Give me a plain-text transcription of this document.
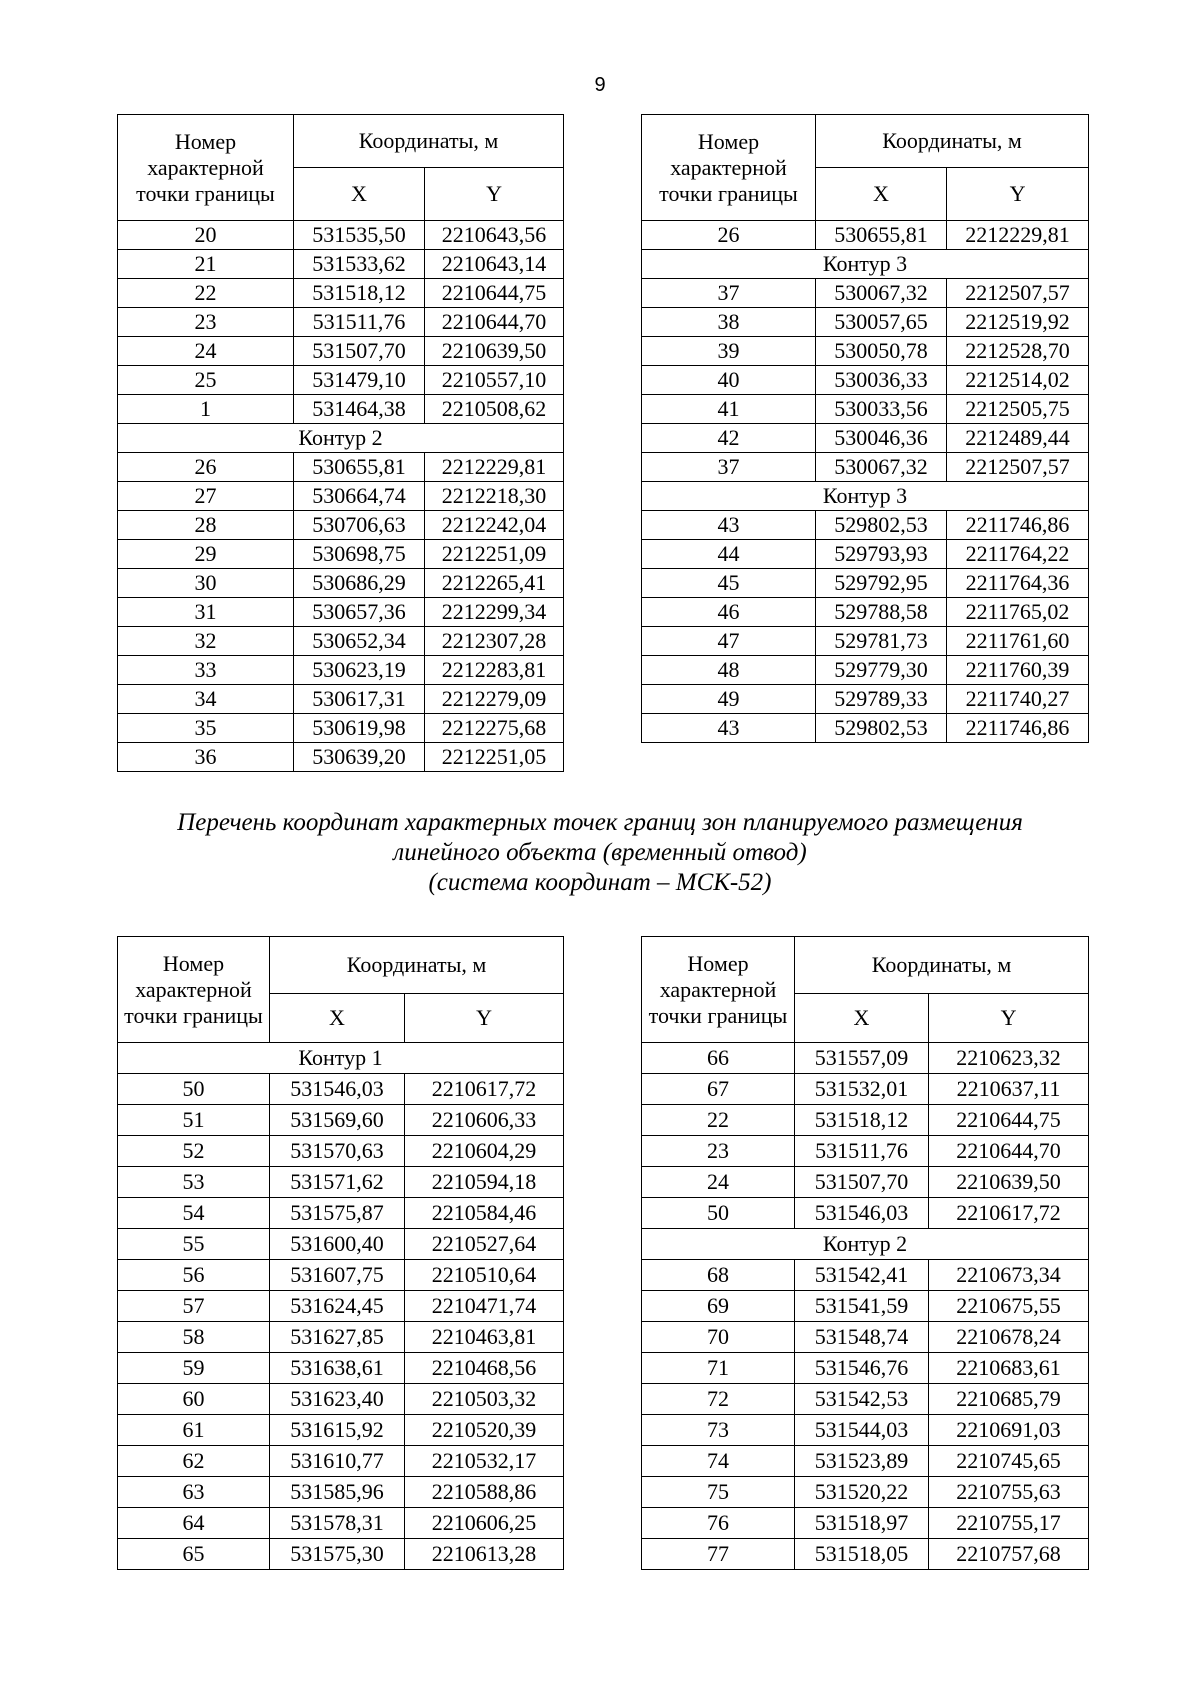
9
Номер характерной точки границы	Координаты, м	
	X	Y
20	531535,50	2210643,56
21	531533,62	2210643,14
22	531518,12	2210644,75
23	531511,76	2210644,70
24	531507,70	2210639,50
25	531479,10	2210557,10
1	531464,38	2210508,62
Контур 2		
26	530655,81	2212229,81
27	530664,74	2212218,30
28	530706,63	2212242,04
29	530698,75	2212251,09
30	530686,29	2212265,41
31	530657,36	2212299,34
32	530652,34	2212307,28
33	530623,19	2212283,81
34	530617,31	2212279,09
35	530619,98	2212275,68
36	530639,20	2212251,05
Номер характерной точки границы	Координаты, м	
	X	Y
26	530655,81	2212229,81
Контур 3		
37	530067,32	2212507,57
38	530057,65	2212519,92
39	530050,78	2212528,70
40	530036,33	2212514,02
41	530033,56	2212505,75
42	530046,36	2212489,44
37	530067,32	2212507,57
Контур 3		
43	529802,53	2211746,86
44	529793,93	2211764,22
45	529792,95	2211764,36
46	529788,58	2211765,02
47	529781,73	2211761,60
48	529779,30	2211760,39
49	529789,33	2211740,27
43	529802,53	2211746,86
Перечень координат характерных точек границ зон планируемого размещения
линейного объекта (временный отвод)
(система координат – МСК-52)
Номер характерной точки границы	Координаты, м	
	X	Y
Контур 1		
50	531546,03	2210617,72
51	531569,60	2210606,33
52	531570,63	2210604,29
53	531571,62	2210594,18
54	531575,87	2210584,46
55	531600,40	2210527,64
56	531607,75	2210510,64
57	531624,45	2210471,74
58	531627,85	2210463,81
59	531638,61	2210468,56
60	531623,40	2210503,32
61	531615,92	2210520,39
62	531610,77	2210532,17
63	531585,96	2210588,86
64	531578,31	2210606,25
65	531575,30	2210613,28
Номер характерной точки границы	Координаты, м	
	X	Y
66	531557,09	2210623,32
67	531532,01	2210637,11
22	531518,12	2210644,75
23	531511,76	2210644,70
24	531507,70	2210639,50
50	531546,03	2210617,72
Контур 2		
68	531542,41	2210673,34
69	531541,59	2210675,55
70	531548,74	2210678,24
71	531546,76	2210683,61
72	531542,53	2210685,79
73	531544,03	2210691,03
74	531523,89	2210745,65
75	531520,22	2210755,63
76	531518,97	2210755,17
77	531518,05	2210757,68
